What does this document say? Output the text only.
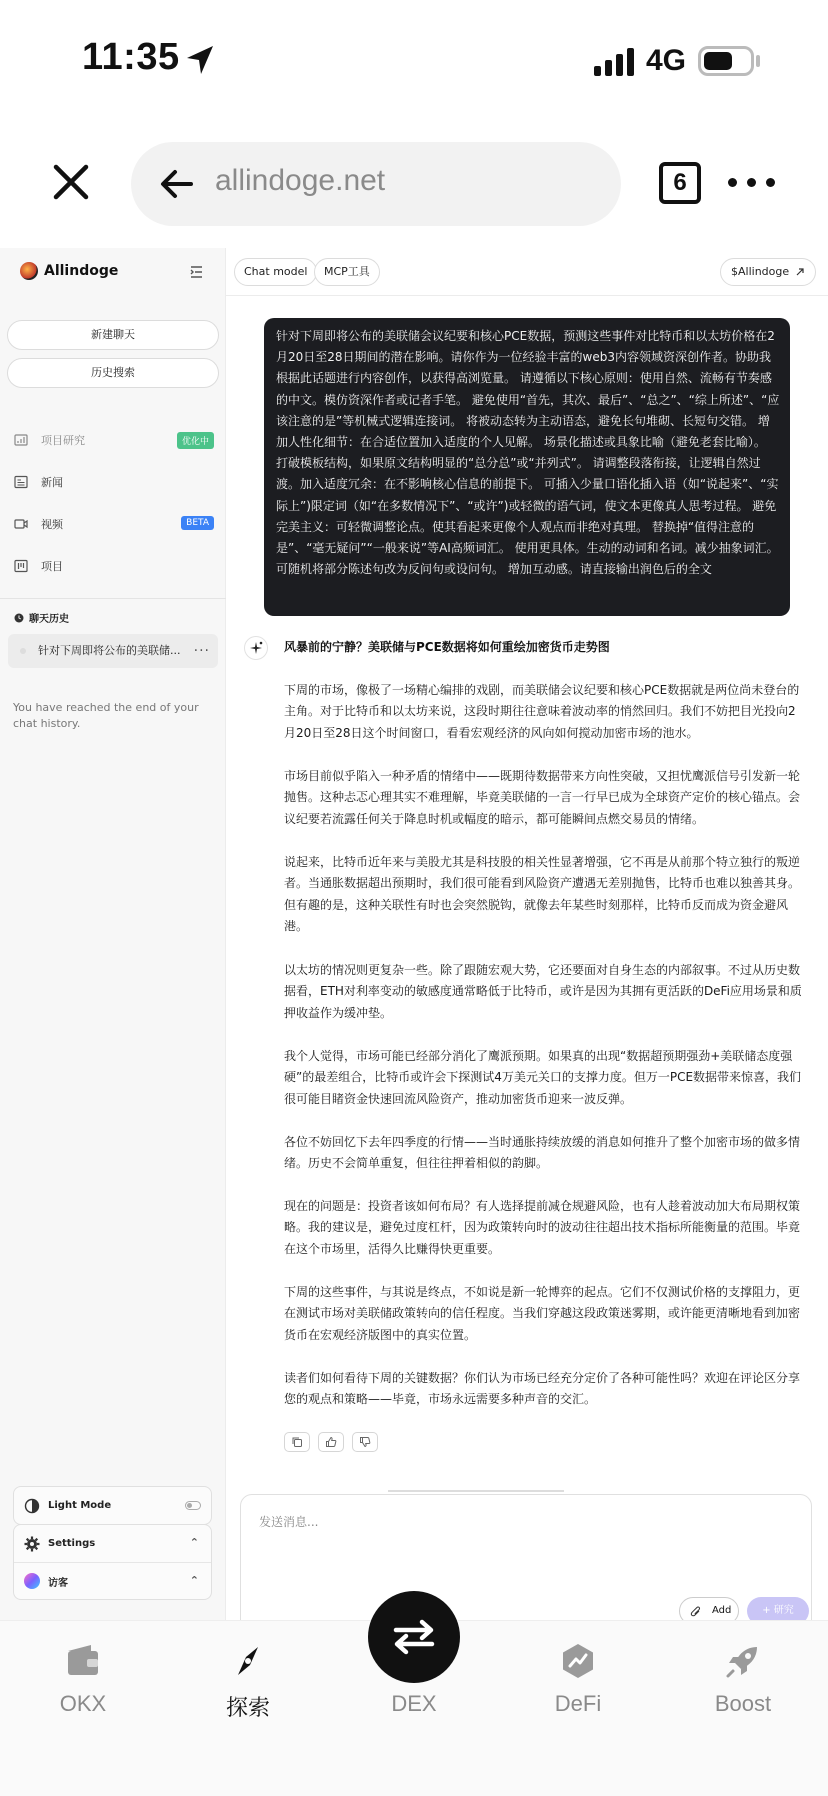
11:35	4G
allindoge.net	6
Allindoge
新建聊天
历史搜索
项目研究	优化中
新闻
视频	BETA
项目
聊天历史
针对下周即将公布的美联储... ···
You have reached the end of your chat history.
Light Mode
Settings	⌃
访客	⌃
Chat model	MCP工具	$Allindoge
针对下周即将公布的美联储会议纪要和核心PCE数据，预测这些事件对比特币和以太坊价格在2月20日至28日期间的潜在影响。请你作为一位经验丰富的web3内容领域资深创作者。协助我根据此话题进行内容创作，以获得高浏览量。 请遵循以下核心原则：使用自然、流畅有节奏感的中文。模仿资深作者或记者手笔。 避免使用“首先，其次、最后”、“总之”、“综上所述”、“应该注意的是”等机械式逻辑连接词。 将被动态转为主动语态，避免长句堆砌、长短句交错。 增加人性化细节：在合适位置加入适度的个人见解。 场景化描述或具象比喻（避免老套比喻）。 打破模板结构，如果原文结构明显的“总分总”或“并列式”。 请调整段落衔接，让逻辑自然过渡。加入适度冗余：在不影响核心信息的前提下。 可插入少量口语化插入语（如“说起来”、“实际上”)限定词（如“在多数情况下”、“或许”)或轻微的语气词，使文本更像真人思考过程。 避免完美主义：可轻微调整论点。使其看起来更像个人观点而非绝对真理。 替换掉“值得注意的是”、“毫无疑问”“一般来说”等AI高频词汇。 使用更具体。生动的动词和名词。减少抽象词汇。可随机将部分陈述句改为反问句或设问句。 增加互动感。请直接输出润色后的全文
风暴前的宁静？美联储与PCE数据将如何重绘加密货币走势图
下周的市场，像极了一场精心编排的戏剧，而美联储会议纪要和核心PCE数据就是两位尚未登台的主角。对于比特币和以太坊来说，这段时期往往意味着波动率的悄然回归。我们不妨把目光投向2月20日至28日这个时间窗口，看看宏观经济的风向如何搅动加密市场的池水。
市场目前似乎陷入一种矛盾的情绪中——既期待数据带来方向性突破，又担忧鹰派信号引发新一轮抛售。这种忐忑心理其实不难理解，毕竟美联储的一言一行早已成为全球资产定价的核心锚点。会议纪要若流露任何关于降息时机或幅度的暗示，都可能瞬间点燃交易员的情绪。
说起来，比特币近年来与美股尤其是科技股的相关性显著增强，它不再是从前那个特立独行的叛逆者。当通胀数据超出预期时，我们很可能看到风险资产遭遇无差别抛售，比特币也难以独善其身。但有趣的是，这种关联性有时也会突然脱钩，就像去年某些时刻那样，比特币反而成为资金避风港。
以太坊的情况则更复杂一些。除了跟随宏观大势，它还要面对自身生态的内部叙事。不过从历史数据看，ETH对利率变动的敏感度通常略低于比特币，或许是因为其拥有更活跃的DeFi应用场景和质押收益作为缓冲垫。
我个人觉得，市场可能已经部分消化了鹰派预期。如果真的出现“数据超预期强劲+美联储态度强硬”的最差组合，比特币或许会下探测试4万美元关口的支撑力度。但万一PCE数据带来惊喜，我们很可能目睹资金快速回流风险资产，推动加密货币迎来一波反弹。
各位不妨回忆下去年四季度的行情——当时通胀持续放缓的消息如何推升了整个加密市场的做多情绪。历史不会简单重复，但往往押着相似的韵脚。
现在的问题是：投资者该如何布局？有人选择提前减仓规避风险，也有人趁着波动加大布局期权策略。我的建议是，避免过度杠杆，因为政策转向时的波动往往超出技术指标所能衡量的范围。毕竟在这个市场里，活得久比赚得快更重要。
下周的这些事件，与其说是终点，不如说是新一轮博弈的起点。它们不仅测试价格的支撑阻力，更在测试市场对美联储政策转向的信任程度。当我们穿越这段政策迷雾期，或许能更清晰地看到加密货币在宏观经济版图中的真实位置。
读者们如何看待下周的关键数据？你们认为市场已经充分定价了各种可能性吗？欢迎在评论区分享您的观点和策略——毕竟，市场永远需要多种声音的交汇。
发送消息...
Add	+ 研究
OKX	探索	DEX	DeFi	Boost
